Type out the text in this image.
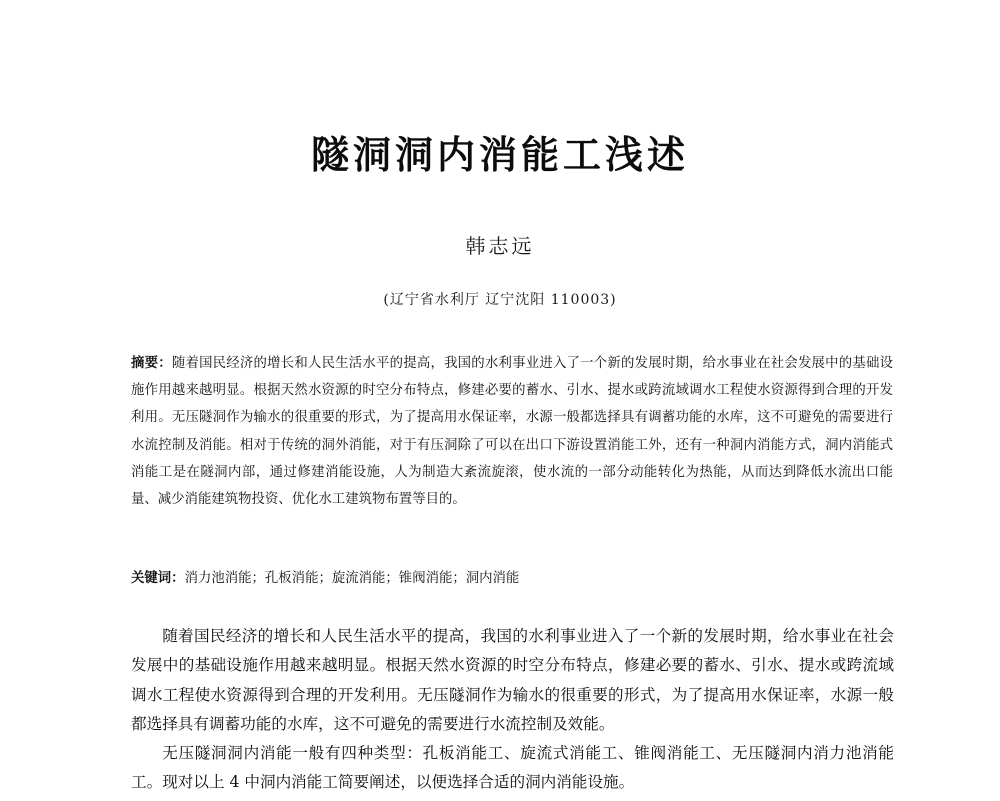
隧洞洞内消能工浅述
韩志远
(辽宁省水利厅 辽宁沈阳 110003)
摘要：随着国民经济的增长和人民生活水平的提高，我国的水利事业进入了一个新的发展时期，给水事业在社会发展中的基础设施作用越来越明显。根据天然水资源的时空分布特点，修建必要的蓄水、引水、提水或跨流域调水工程使水资源得到合理的开发利用。无压隧洞作为输水的很重要的形式，为了提高用水保证率，水源一般都选择具有调蓄功能的水库，这不可避免的需要进行水流控制及消能。相对于传统的洞外消能，对于有压洞除了可以在出口下游设置消能工外，还有一种洞内消能方式，洞内消能式消能工是在隧洞内部，通过修建消能设施，人为制造大紊流旋滚，使水流的一部分动能转化为热能，从而达到降低水流出口能量、减少消能建筑物投资、优化水工建筑物布置等目的。
关键词：消力池消能；孔板消能；旋流消能；锥阀消能；洞内消能

随着国民经济的增长和人民生活水平的提高，我国的水利事业进入了一个新的发展时期，给水事业在社会发展中的基础设施作用越来越明显。根据天然水资源的时空分布特点，修建必要的蓄水、引水、提水或跨流域调水工程使水资源得到合理的开发利用。无压隧洞作为输水的很重要的形式，为了提高用水保证率，水源一般都选择具有调蓄功能的水库，这不可避免的需要进行水流控制及效能。

无压隧洞洞内消能一般有四种类型：孔板消能工、旋流式消能工、锥阀消能工、无压隧洞内消力池消能工。现对以上 4 中洞内消能工简要阐述，以便选择合适的洞内消能设施。
